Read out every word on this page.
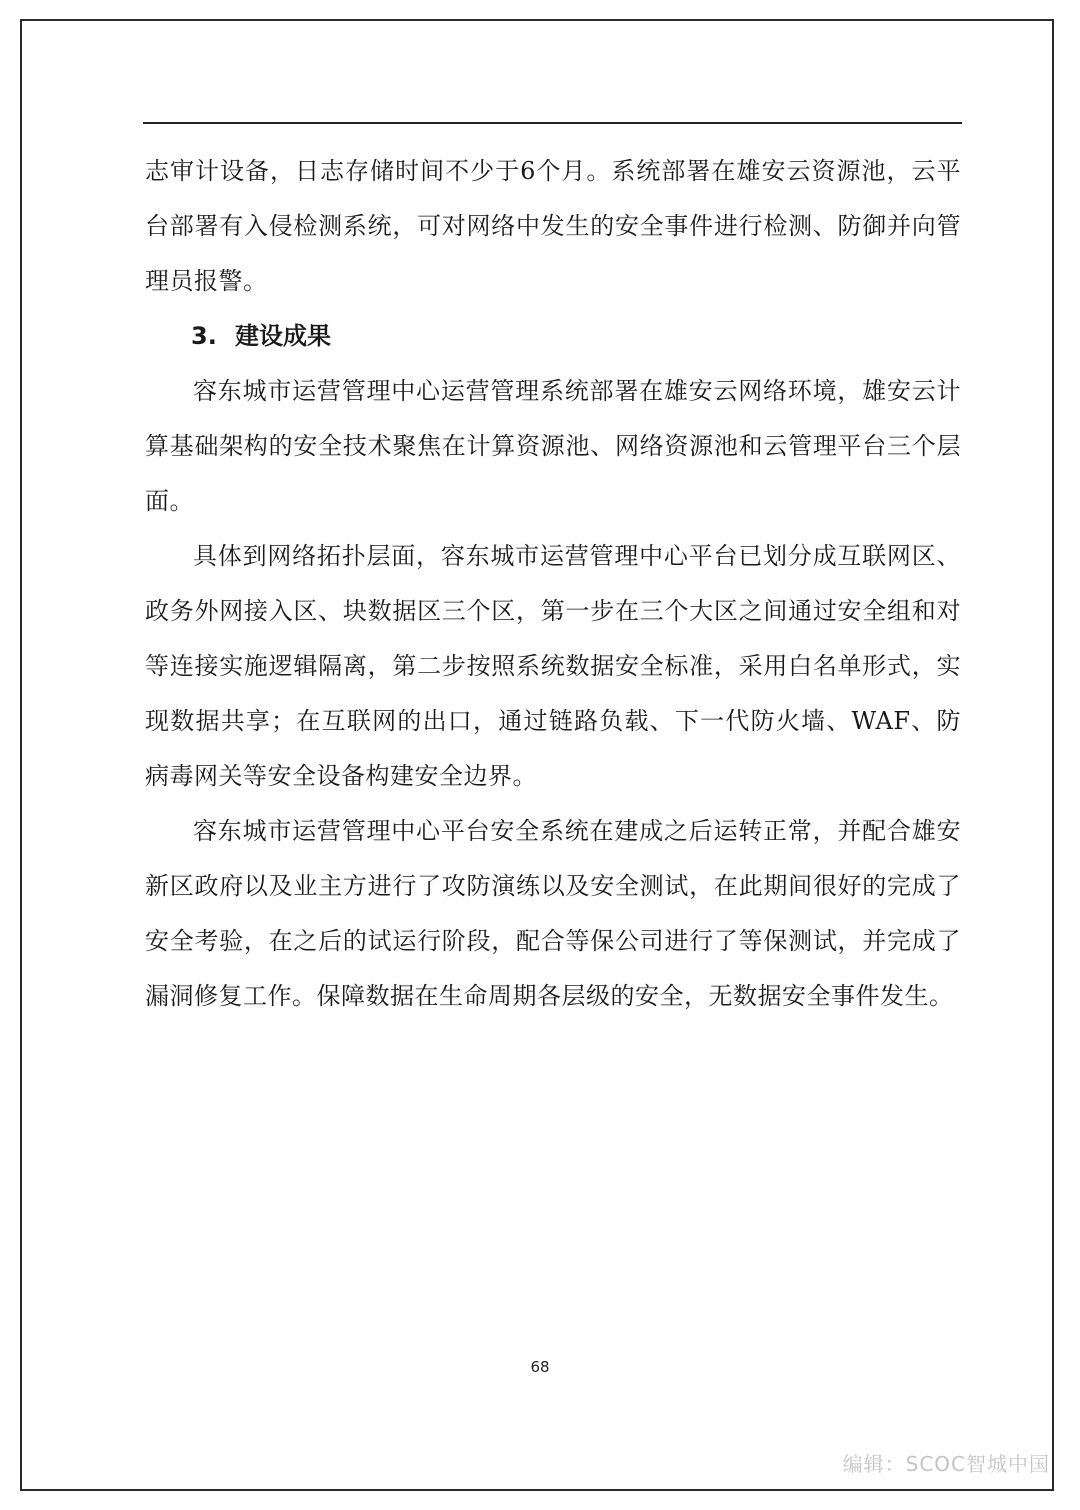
志审计设备，日志存储时间不少于6个月。系统部署在雄安云资源池，云平台部署有入侵检测系统，可对网络中发生的安全事件进行检测、防御并向管理员报警。

3. 建设成果

容东城市运营管理中心运营管理系统部署在雄安云网络环境，雄安云计算基础架构的安全技术聚焦在计算资源池、网络资源池和云管理平台三个层面。

具体到网络拓扑层面，容东城市运营管理中心平台已划分成互联网区、政务外网接入区、块数据区三个区，第一步在三个大区之间通过安全组和对等连接实施逻辑隔离，第二步按照系统数据安全标准，采用白名单形式，实现数据共享；在互联网的出口，通过链路负载、下一代防火墙、WAF、防病毒网关等安全设备构建安全边界。

容东城市运营管理中心平台安全系统在建成之后运转正常，并配合雄安新区政府以及业主方进行了攻防演练以及安全测试，在此期间很好的完成了安全考验，在之后的试运行阶段，配合等保公司进行了等保测试，并完成了漏洞修复工作。保障数据在生命周期各层级的安全，无数据安全事件发生。

68
编辑：SCOC智城中国
